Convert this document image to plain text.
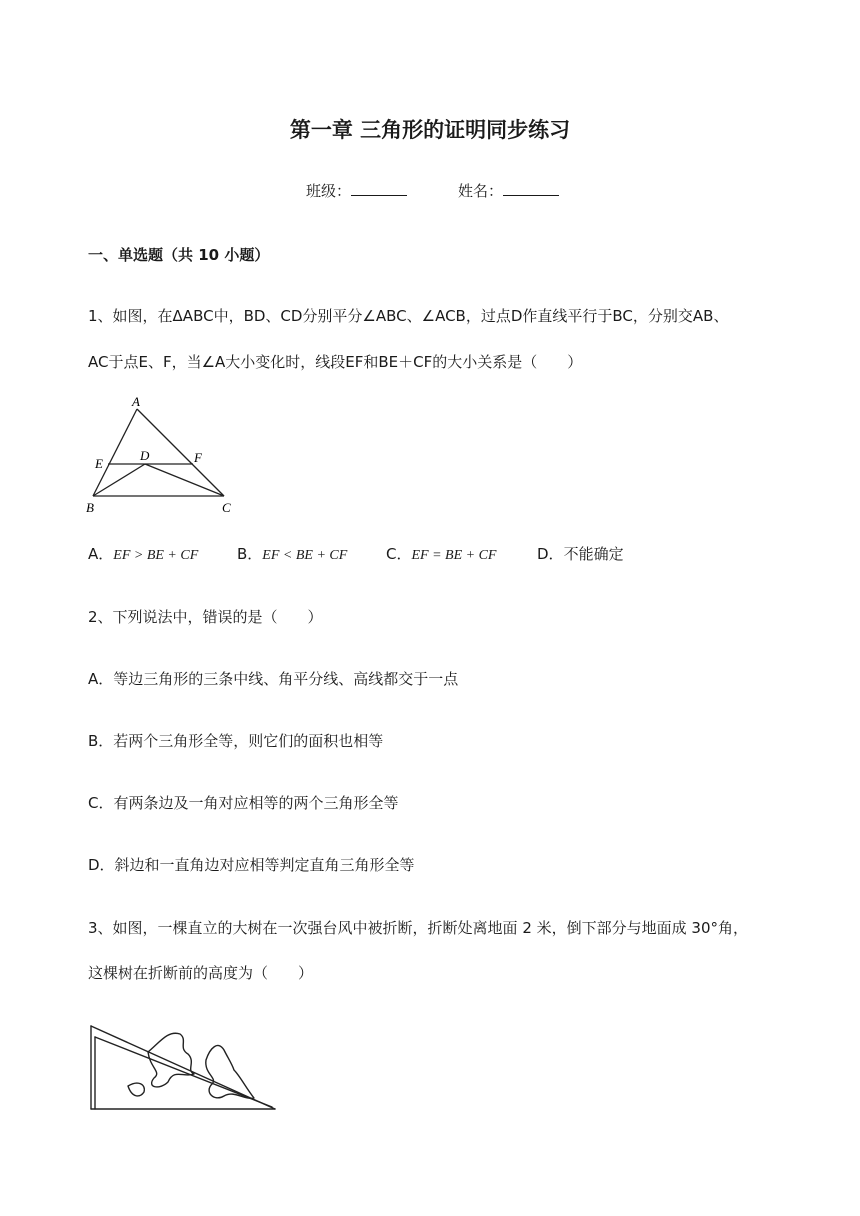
第一章 三角形的证明同步练习
班级：	姓名：
一、单选题（共 10 小题）
1、如图，在ΔABC中，BD、CD分别平分∠ABC、∠ACB，过点D作直线平行于BC，分别交AB、
AC于点E、F，当∠A大小变化时，线段EF和BE＋CF的大小关系是（　　）
A
E
D	F
B	C
A．EF > BE + CF	B．EF < BE + CF	C．EF = BE + CF	D．不能确定
2、下列说法中，错误的是（　　）
A．等边三角形的三条中线、角平分线、高线都交于一点
B．若两个三角形全等，则它们的面积也相等
C．有两条边及一角对应相等的两个三角形全等
D．斜边和一直角边对应相等判定直角三角形全等
3、如图，一棵直立的大树在一次强台风中被折断，折断处离地面 2 米，倒下部分与地面成 30°角，
这棵树在折断前的高度为（　　）
